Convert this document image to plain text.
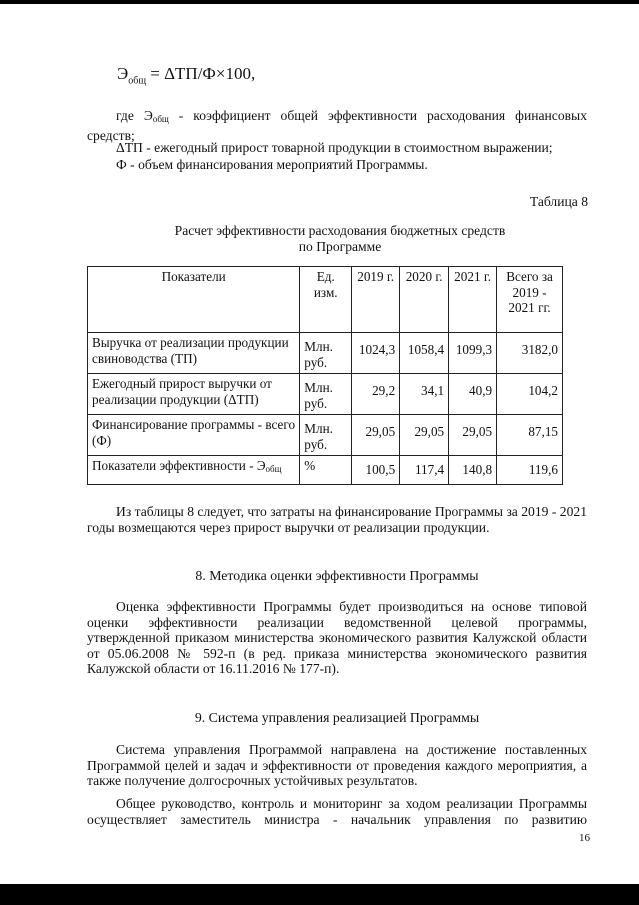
$Э_{общ} = \Delta ТП/Ф\times 100$,

где $Э_{общ}$ - коэффициент общей эффективности расходования финансовых средств;

ΔТП - ежегодный прирост товарной продукции в стоимостном выражении;

Ф - объем финансирования мероприятий Программы.

Таблица 8
Расчет эффективности расходования бюджетных средств
по Программе
Показатели	Ед. изм.	2019 г.	2020 г.	2021 г.	Всего за 2019 - 2021 гг.
Выручка от реализации продукции свиноводства (ТП)	Млн. руб.	1024,3	1058,4	1099,3	3182,0
Ежегодный прирост выручки от реализации продукции (ΔТП)	Млн. руб.	29,2	34,1	40,9	104,2
Финансирование программы - всего (Ф)	Млн. руб.	29,05	29,05	29,05	87,15
Показатели эффективности - $Э_{общ}$	%	100,5	117,4	140,8	119,6

Из таблицы 8 следует, что затраты на финансирование Программы за 2019 - 2021 годы возмещаются через прирост выручки от реализации продукции.

8. Методика оценки эффективности Программы

Оценка эффективности Программы будет производиться на основе типовой оценки эффективности реализации ведомственной целевой программы, утвержденной приказом министерства экономического развития Калужской области от 05.06.2008 № 592-п (в ред. приказа министерства экономического развития Калужской области от 16.11.2016 № 177-п).

9. Система управления реализацией Программы

Система управления Программой направлена на достижение поставленных Программой целей и задач и эффективности от проведения каждого мероприятия, а также получение долгосрочных устойчивых результатов.

Общее руководство, контроль и мониторинг за ходом реализации Программы осуществляет заместитель министра - начальник управления по развитию

16
